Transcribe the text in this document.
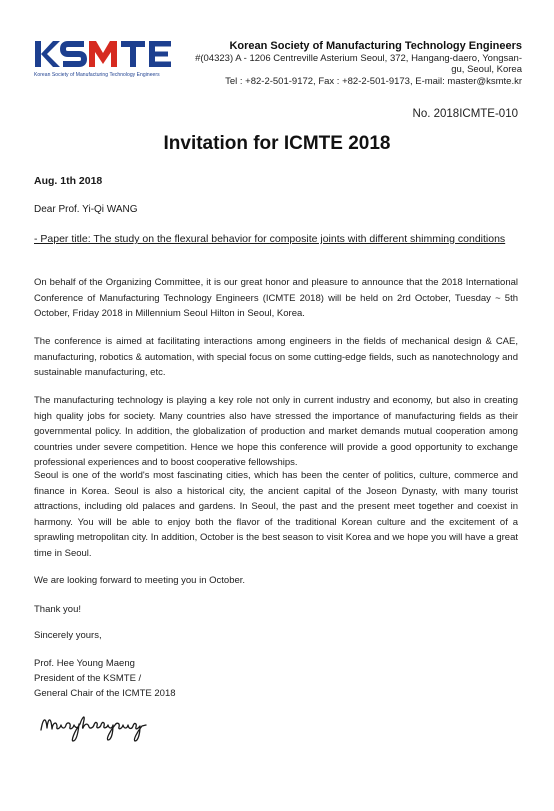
Korean Society of Manufacturing Technology Engineers
Korean Society of Manufacturing Technology Engineers
#(04323) A - 1206 Centreville Asterium Seoul, 372, Hangang-daero, Yongsan-
gu, Seoul, Korea
Tel : +82-2-501-9172, Fax : +82-2-501-9173, E-mail: master@ksmte.kr
No. 2018ICMTE-010
Invitation for ICMTE 2018
Aug. 1th 2018
Dear Prof. Yi-Qi WANG
- Paper title: The study on the flexural behavior for composite joints with different shimming conditions

On behalf of the Organizing Committee, it is our great honor and pleasure to announce that the 2018 International Conference of Manufacturing Technology Engineers (ICMTE 2018) will be held on 2rd October, Tuesday ~ 5th October, Friday 2018 in Millennium Seoul Hilton in Seoul, Korea.

The conference is aimed at facilitating interactions among engineers in the fields of mechanical design & CAE, manufacturing, robotics & automation, with special focus on some cutting-edge fields, such as nanotechnology and sustainable manufacturing, etc.

The manufacturing technology is playing a key role not only in current industry and economy, but also in creating high quality jobs for society. Many countries also have stressed the importance of manufacturing fields as their governmental policy. In addition, the globalization of production and market demands mutual cooperation among countries under severe competition. Hence we hope this conference will provide a good opportunity to exchange professional experiences and to boost cooperative fellowships.

Seoul is one of the world's most fascinating cities, which has been the center of politics, culture, commerce and finance in Korea. Seoul is also a historical city, the ancient capital of the Joseon Dynasty, with many tourist attractions, including old palaces and gardens. In Seoul, the past and the present meet together and coexist in harmony. You will be able to enjoy both the flavor of the traditional Korean culture and the excitement of a sprawling metropolitan city. In addition, October is the best season to visit Korea and we hope you will have a great time in Seoul.

We are looking forward to meeting you in October.
Thank you!
Sincerely yours,
Prof. Hee Young Maeng
President of the KSMTE /
General Chair of the ICMTE 2018
